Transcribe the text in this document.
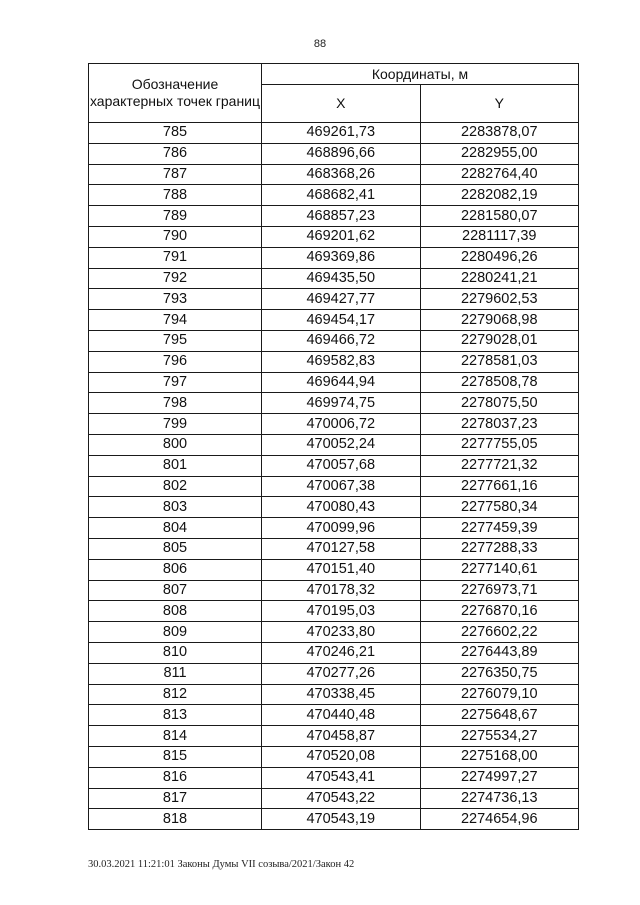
88
Обозначение характерных точек границ	Координаты, м	
	X	Y
785	469261,73	2283878,07
786	468896,66	2282955,00
787	468368,26	2282764,40
788	468682,41	2282082,19
789	468857,23	2281580,07
790	469201,62	2281117,39
791	469369,86	2280496,26
792	469435,50	2280241,21
793	469427,77	2279602,53
794	469454,17	2279068,98
795	469466,72	2279028,01
796	469582,83	2278581,03
797	469644,94	2278508,78
798	469974,75	2278075,50
799	470006,72	2278037,23
800	470052,24	2277755,05
801	470057,68	2277721,32
802	470067,38	2277661,16
803	470080,43	2277580,34
804	470099,96	2277459,39
805	470127,58	2277288,33
806	470151,40	2277140,61
807	470178,32	2276973,71
808	470195,03	2276870,16
809	470233,80	2276602,22
810	470246,21	2276443,89
811	470277,26	2276350,75
812	470338,45	2276079,10
813	470440,48	2275648,67
814	470458,87	2275534,27
815	470520,08	2275168,00
816	470543,41	2274997,27
817	470543,22	2274736,13
818	470543,19	2274654,96
30.03.2021 11:21:01 Законы Думы VII созыва/2021/Закон 42
